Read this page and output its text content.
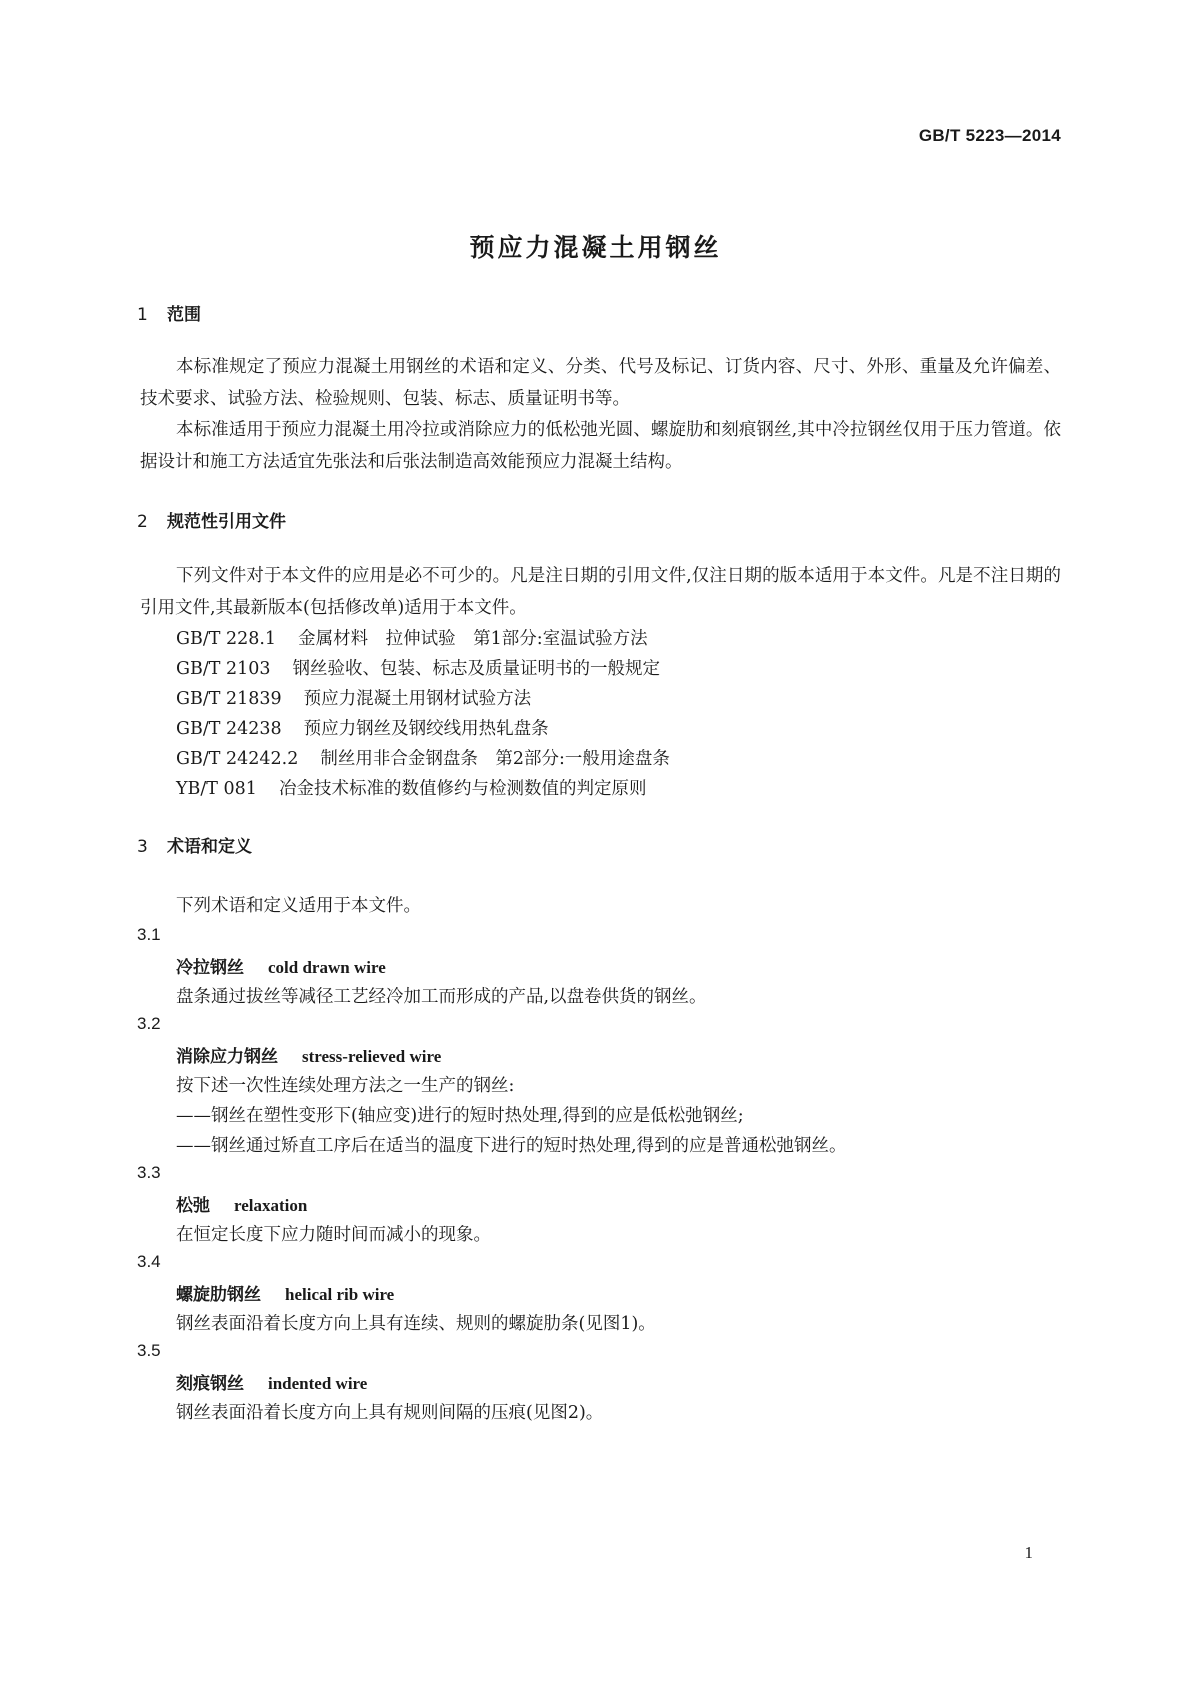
GB/T 5223—2014
预应力混凝土用钢丝
1 范围
本标准规定了预应力混凝土用钢丝的术语和定义、分类、代号及标记、订货内容、尺寸、外形、重量及允许偏差、技术要求、试验方法、检验规则、包装、标志、质量证明书等。
本标准适用于预应力混凝土用冷拉或消除应力的低松弛光圆、螺旋肋和刻痕钢丝,其中冷拉钢丝仅用于压力管道。依据设计和施工方法适宜先张法和后张法制造高效能预应力混凝土结构。
2 规范性引用文件
下列文件对于本文件的应用是必不可少的。凡是注日期的引用文件,仅注日期的版本适用于本文件。凡是不注日期的引用文件,其最新版本(包括修改单)适用于本文件。
GB/T 228.1 金属材料　拉伸试验　第1部分:室温试验方法
GB/T 2103 钢丝验收、包装、标志及质量证明书的一般规定
GB/T 21839 预应力混凝土用钢材试验方法
GB/T 24238 预应力钢丝及钢绞线用热轧盘条
GB/T 24242.2 制丝用非合金钢盘条　第2部分:一般用途盘条
YB/T 081 冶金技术标准的数值修约与检测数值的判定原则
3 术语和定义
下列术语和定义适用于本文件。
3.1
冷拉钢丝 cold drawn wire
盘条通过拔丝等减径工艺经冷加工而形成的产品,以盘卷供货的钢丝。
3.2
消除应力钢丝 stress-relieved wire
按下述一次性连续处理方法之一生产的钢丝:
——钢丝在塑性变形下(轴应变)进行的短时热处理,得到的应是低松弛钢丝;
——钢丝通过矫直工序后在适当的温度下进行的短时热处理,得到的应是普通松弛钢丝。
3.3
松弛 relaxation
在恒定长度下应力随时间而减小的现象。
3.4
螺旋肋钢丝 helical rib wire
钢丝表面沿着长度方向上具有连续、规则的螺旋肋条(见图1)。
3.5
刻痕钢丝 indented wire
钢丝表面沿着长度方向上具有规则间隔的压痕(见图2)。
1
